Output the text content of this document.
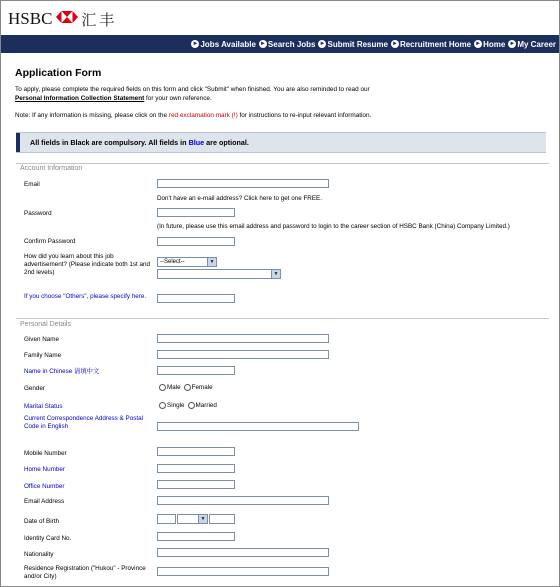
HSBC 汇丰
► Jobs Available ► Search Jobs ► Submit Resume ► Recruitment Home ► Home ► My Career
Application Form
To apply, please complete the required fields on this form and click "Submit" when finished. You are also reminded to read our
Personal Information Collection Statement for your own reference.
Note: If any information is missing, please click on the red exclamation mark (!) for instructions to re-input relevant information.
All fields in Black are compulsory. All fields in Blue are optional.
Account Information
Email
Don't have an e-mail address? Click here to get one FREE.
Password
(In future, please use this email address and password to login to the career section of HSBC Bank (China) Company Limited.)
Confirm Password
How did you learn about this job advertisement? (Please indicate both 1st and 2nd levels)
--Select--	▼
▼
If you choose "Others", please specify here.
Personal Details
Given Name
Family Name
Name in Chinese 请填中文
Gender	Male Female
Marital Status	Single Married
Current Correspondence Address & Postal Code in English
Mobile Number
Home Number
Office Number
Email Address
Date of Birth	▼
Identity Card No.
Nationality
Residence Registration ("Hukou" - Province and/or City)
